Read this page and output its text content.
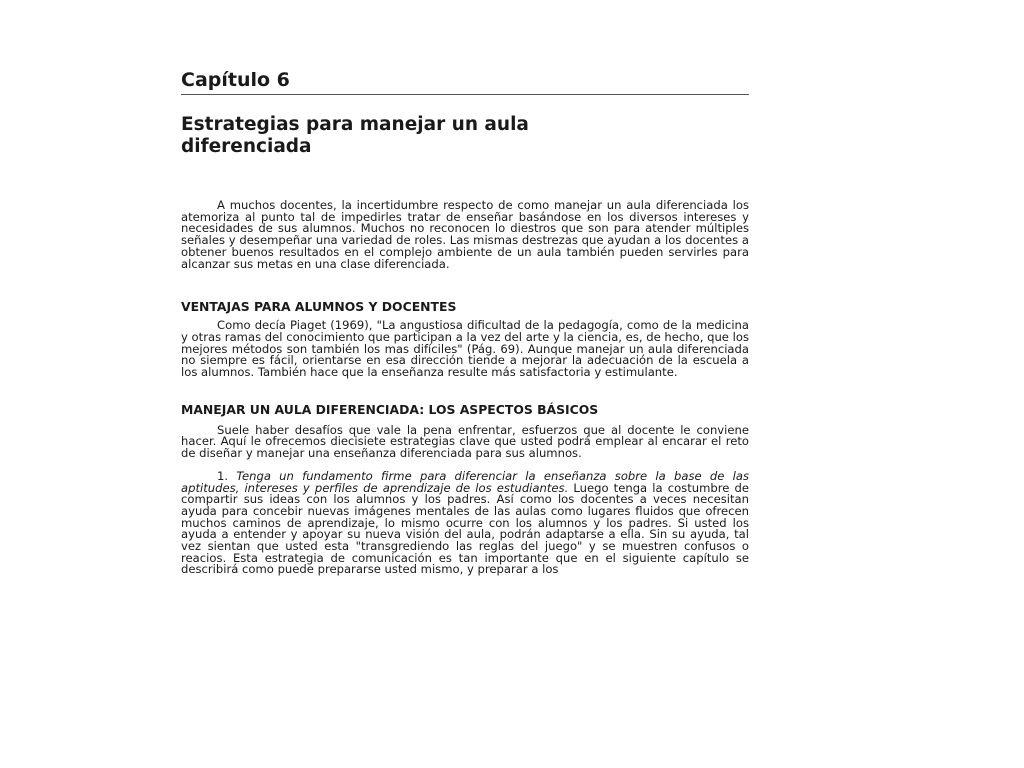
Capítulo 6
Estrategias para manejar un aula
diferenciada

A muchos docentes, la incertidumbre respecto de como manejar un aula diferenciada los atemoriza al punto tal de impedirles tratar de enseñar basándose en los diversos intereses y necesidades de sus alumnos. Muchos no reconocen lo diestros que son para atender múltiples señales y desempeñar una variedad de roles. Las mismas destrezas que ayudan a los docentes a obtener buenos resultados en el complejo ambiente de un aula también pueden servirles para alcanzar sus metas en una clase diferenciada.

VENTAJAS PARA ALUMNOS Y DOCENTES

Como decía Piaget (1969), "La angustiosa dificultad de la pedagogía, como de la medicina y otras ramas del conocimiento que participan a la vez del arte y la ciencia, es, de hecho, que los mejores métodos son también los mas difíciles" (Pág. 69). Aunque manejar un aula diferenciada no siempre es fácil, orientarse en esa dirección tiende a mejorar la adecuación de la escuela a los alumnos. También hace que la enseñanza resulte más satisfactoria y estimulante.

MANEJAR UN AULA DIFERENCIADA: LOS ASPECTOS BÁSICOS

Suele haber desafíos que vale la pena enfrentar, esfuerzos que al docente le conviene hacer. Aquí le ofrecemos diecisiete estrategias clave que usted podrá emplear al encarar el reto de diseñar y manejar una enseñanza diferenciada para sus alumnos.

1. Tenga un fundamento firme para diferenciar la enseñanza sobre la base de las aptitudes, intereses y perfiles de aprendizaje de los estudiantes. Luego tenga la costumbre de compartir sus ideas con los alumnos y los padres. Así como los docentes a veces necesitan ayuda para concebir nuevas imágenes mentales de las aulas como lugares fluidos que ofrecen muchos caminos de aprendizaje, lo mismo ocurre con los alumnos y los padres. Si usted los ayuda a entender y apoyar su nueva visión del aula, podrán adaptarse a ella. Sin su ayuda, tal vez sientan que usted esta "transgrediendo las reglas del juego" y se muestren confusos o reacios. Esta estrategia de comunicación es tan importante que en el siguiente capítulo se describirá como puede prepararse usted mismo, y preparar a los
